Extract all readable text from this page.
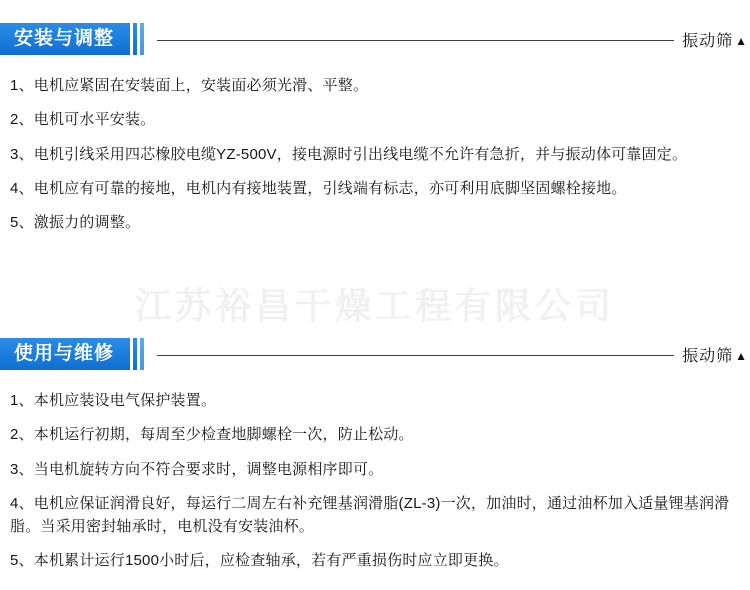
安装与调整	振动筛 ▲
1、电机应紧固在安装面上，安装面必须光滑、平整。
2、电机可水平安装。
3、电机引线采用四芯橡胶电缆YZ-500V，接电源时引出线电缆不允许有急折，并与振动体可靠固定。
4、电机应有可靠的接地，电机内有接地装置，引线端有标志，亦可利用底脚坚固螺栓接地。
5、激振力的调整。
江苏裕昌干燥工程有限公司
使用与维修	振动筛 ▲
1、本机应装设电气保护装置。
2、本机运行初期，每周至少检查地脚螺栓一次，防止松动。
3、当电机旋转方向不符合要求时，调整电源相序即可。
4、电机应保证润滑良好，每运行二周左右补充锂基润滑脂(ZL-3)一次，加油时，通过油杯加入适量锂基润滑脂。当采用密封轴承时，电机没有安装油杯。
5、本机累计运行1500小时后，应检查轴承，若有严重损伤时应立即更换。
